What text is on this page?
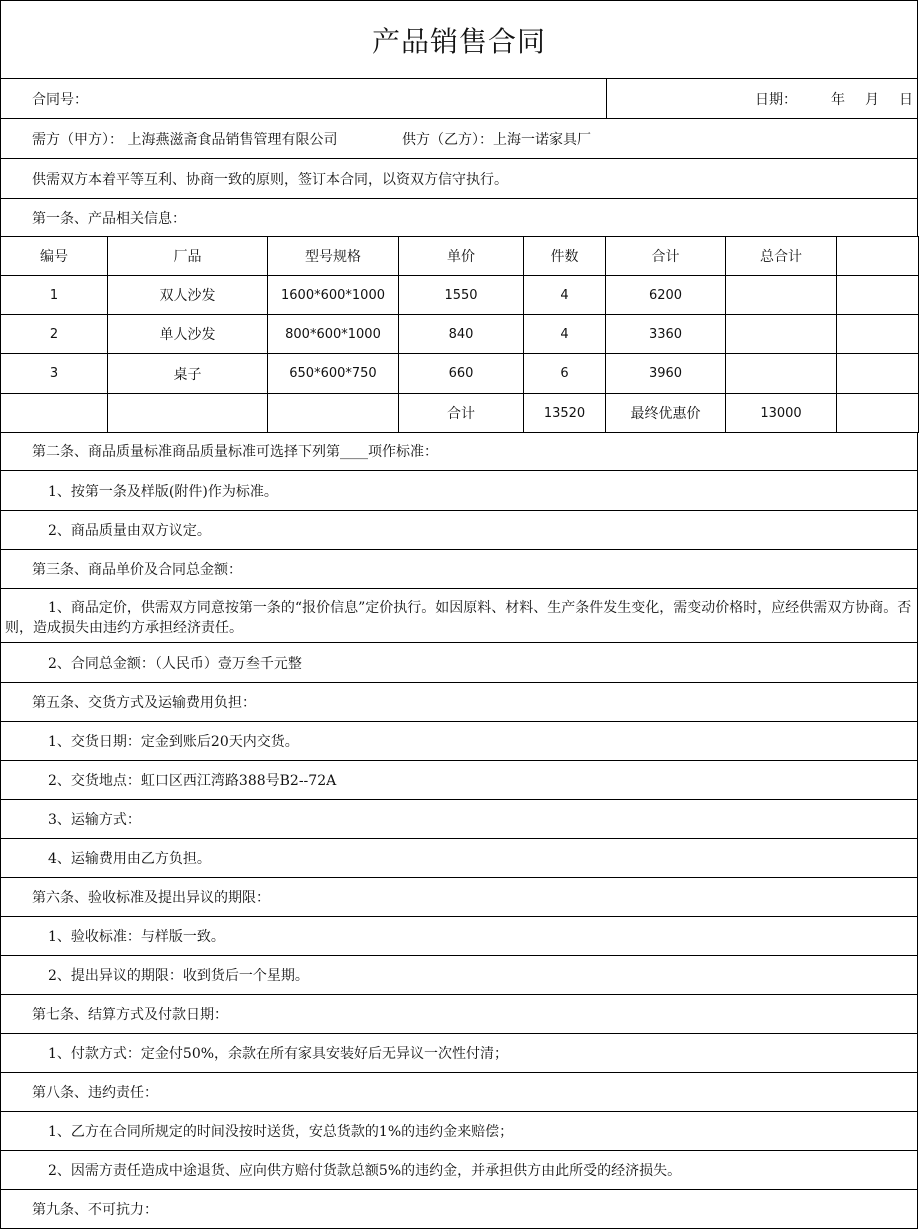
产品销售合同
合同号：	日期： 年 月 日
需方（甲方）： 上海燕滋斋食品销售管理有限公司	供方（乙方）：上海一诺家具厂
供需双方本着平等互利、协商一致的原则，签订本合同，以资双方信守执行。
第一条、产品相关信息：
编号	厂品	型号规格	单价	件数	合计	总合计	
1	双人沙发	1600*600*1000	1550	4	6200		
2	单人沙发	800*600*1000	840	4	3360		
3	桌子	650*600*750	660	6	3960		
			合计	13520	最终优惠价	13000	
第二条、商品质量标准商品质量标准可选择下列第____项作标准：
1、按第一条及样版(附件)作为标准。
2、商品质量由双方议定。
第三条、商品单价及合同总金额：
1、商品定价，供需双方同意按第一条的“报价信息”定价执行。如因原料、材料、生产条件发生变化，需变动价格时，应经供需双方协商。否则，造成损失由违约方承担经济责任。
2、合同总金额：（人民币）壹万叁千元整
第五条、交货方式及运输费用负担：
1、交货日期：定金到账后20天内交货。
2、交货地点：虹口区西江湾路388号B2--72A
3、运输方式：
4、运输费用由乙方负担。
第六条、验收标准及提出异议的期限：
1、验收标准：与样版一致。
2、提出异议的期限：收到货后一个星期。
第七条、结算方式及付款日期：
1、付款方式：定金付50%，余款在所有家具安装好后无异议一次性付清；
第八条、违约责任：
1、乙方在合同所规定的时间没按时送货，安总货款的1%的违约金来赔偿；
2、因需方责任造成中途退货、应向供方赔付货款总额5%的违约金，并承担供方由此所受的经济损失。
第九条、不可抗力：
